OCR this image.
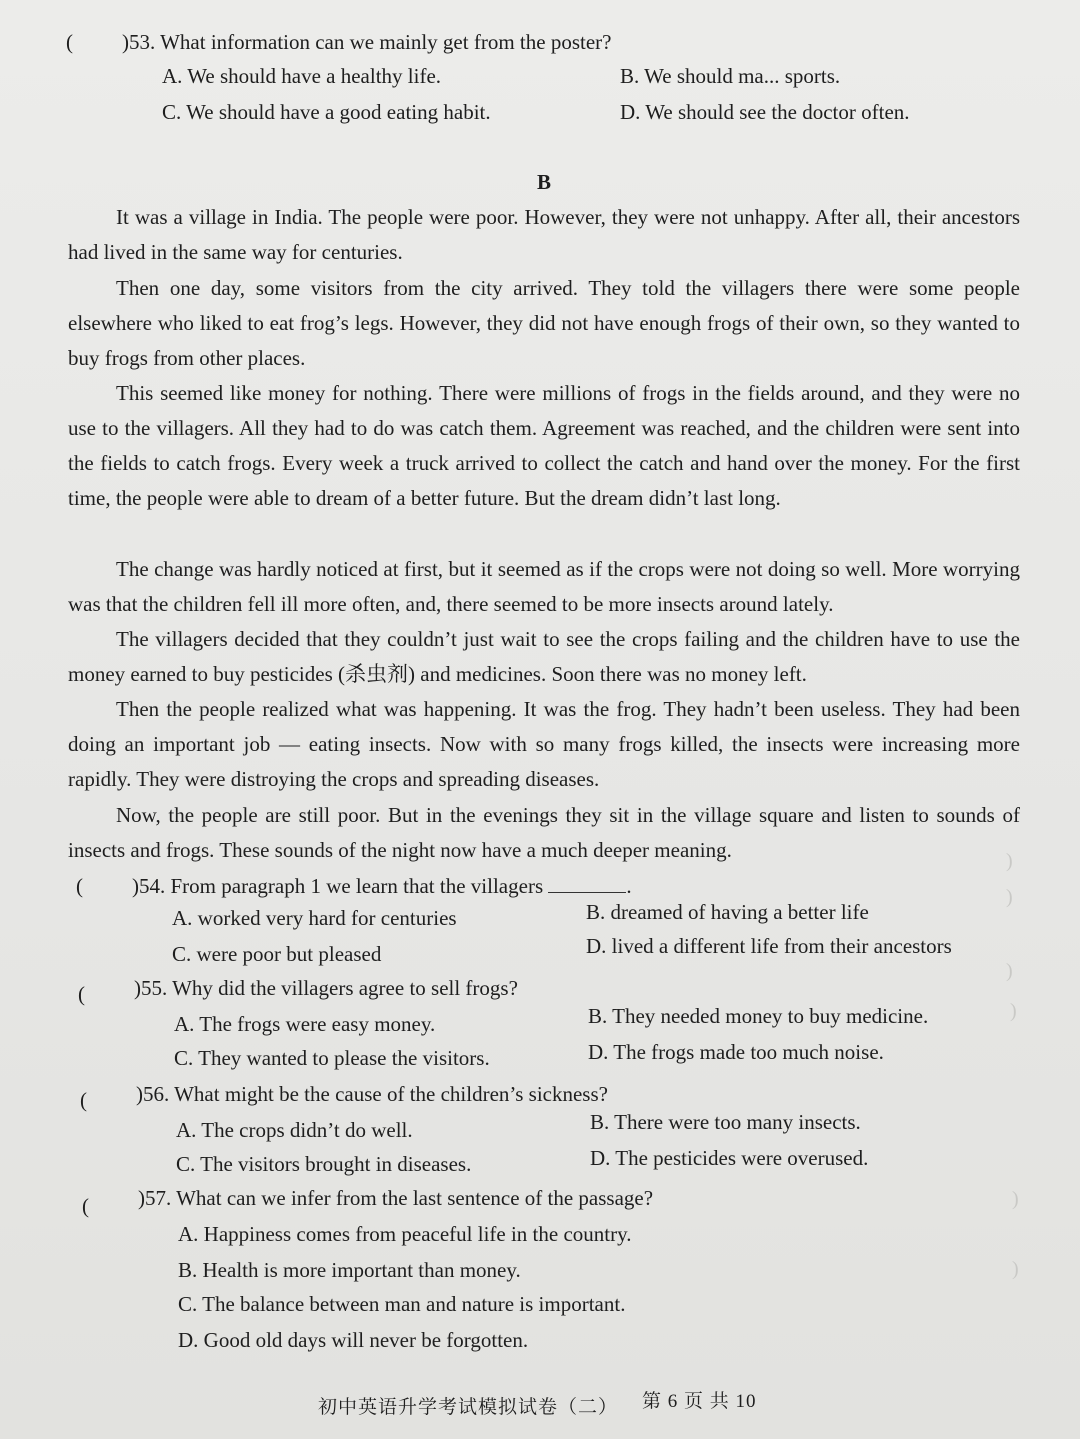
)
)
)
)
)
)
( )53. What information can we mainly get from the poster?
A. We should have a healthy life.	B. We should ma... sports.
C. We should have a good eating habit.	D. We should see the doctor often.
B
It was a village in India. The people were poor. However, they were not unhappy. After all, their ancestors had lived in the same way for centuries.
Then one day, some visitors from the city arrived. They told the villagers there were some people elsewhere who liked to eat frog’s legs. However, they did not have enough frogs of their own, so they wanted to buy frogs from other places.
This seemed like money for nothing. There were millions of frogs in the fields around, and they were no use to the villagers. All they had to do was catch them. Agreement was reached, and the children were sent into the fields to catch frogs. Every week a truck arrived to collect the catch and hand over the money. For the first time, the people were able to dream of a better future. But the dream didn’t last long.
The change was hardly noticed at first, but it seemed as if the crops were not doing so well. More worrying was that the children fell ill more often, and, there seemed to be more insects around lately.
The villagers decided that they couldn’t just wait to see the crops failing and the children have to use the money earned to buy pesticides (杀虫剂) and medicines. Soon there was no money left.
Then the people realized what was happening. It was the frog. They hadn’t been useless. They had been doing an important job — eating insects. Now with so many frogs killed, the insects were increasing more rapidly. They were distroying the crops and spreading diseases.
Now, the people are still poor. But in the evenings they sit in the village square and listen to sounds of insects and frogs. These sounds of the night now have a much deeper meaning.
( )54. From paragraph 1 we learn that the villagers	.
A. worked very hard for centuries	B. dreamed of having a better life
C. were poor but pleased	D. lived a different life from their ancestors
( )55. Why did the villagers agree to sell frogs?
A. The frogs were easy money.	B. They needed money to buy medicine.
C. They wanted to please the visitors.	D. The frogs made too much noise.
( )56. What might be the cause of the children’s sickness?
A. The crops didn’t do well.	B. There were too many insects.
C. The visitors brought in diseases.	D. The pesticides were overused.
( )57. What can we infer from the last sentence of the passage?
A. Happiness comes from peaceful life in the country.
B. Health is more important than money.
C. The balance between man and nature is important.
D. Good old days will never be forgotten.
初中英语升学考试模拟试卷（二） 第 6 页 共 10
